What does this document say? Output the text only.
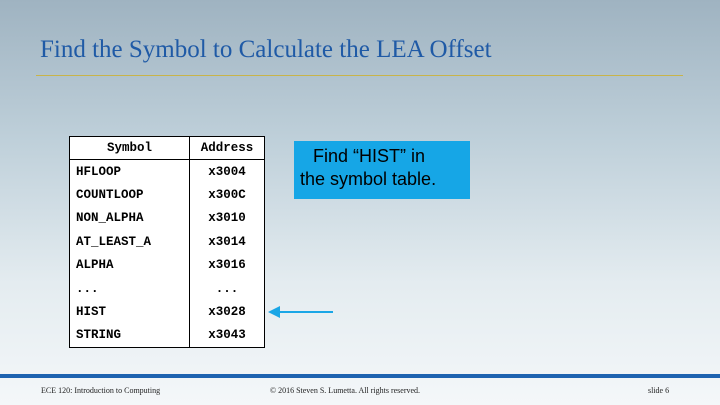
Find the Symbol to Calculate the LEA Offset
Symbol	Address
HFLOOP	x3004
COUNTLOOP	x300C
NON_ALPHA	x3010
AT_LEAST_A	x3014
ALPHA	x3016
...	...
HIST	x3028
STRING	x3043
Find “HIST” in
the symbol table.
ECE 120: Introduction to Computing	© 2016 Steven S. Lumetta. All rights reserved.	slide 6
